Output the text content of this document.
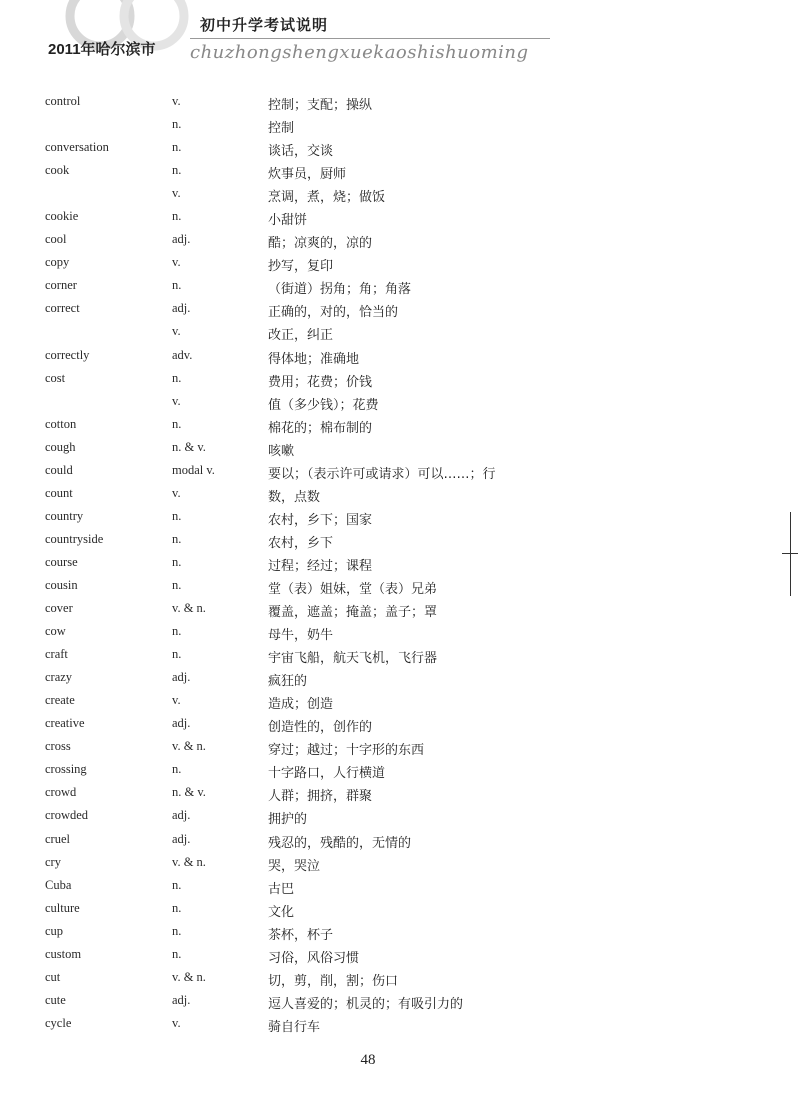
初中升学考试说明
2011年哈尔滨市 chuzhongshengxuekaoshishuoming
control	v.	控制；支配；操纵
n.	控制
conversation	n.	谈话，交谈
cook	n.	炊事员，厨师
v.	烹调，煮，烧；做饭
cookie	n.	小甜饼
cool	adj.	酷；凉爽的，凉的
copy	v.	抄写，复印
corner	n.	（街道）拐角；角；角落
correct	adj.	正确的，对的，恰当的
v.	改正，纠正
correctly	adv.	得体地；准确地
cost	n.	费用；花费；价钱
v.	值（多少钱）；花费
cotton	n.	棉花的；棉布制的
cough	n. & v.	咳嗽
could	modal v.	要以；（表示许可或请求）可以……；行
count	v.	数，点数
country	n.	农村，乡下；国家
countryside	n.	农村，乡下
course	n.	过程；经过；课程
cousin	n.	堂（表）姐妹，堂（表）兄弟
cover	v. & n.	覆盖，遮盖；掩盖；盖子；罩
cow	n.	母牛，奶牛
craft	n.	宇宙飞船，航天飞机，飞行器
crazy	adj.	疯狂的
create	v.	造成；创造
creative	adj.	创造性的，创作的
cross	v. & n.	穿过；越过；十字形的东西
crossing	n.	十字路口，人行横道
crowd	n. & v.	人群；拥挤，群聚
crowded	adj.	拥护的
cruel	adj.	残忍的，残酷的，无情的
cry	v. & n.	哭，哭泣
Cuba	n.	古巴
culture	n.	文化
cup	n.	茶杯，杯子
custom	n.	习俗，风俗习惯
cut	v. & n.	切，剪，削，割；伤口
cute	adj.	逗人喜爱的；机灵的；有吸引力的
cycle	v.	骑自行车
48
